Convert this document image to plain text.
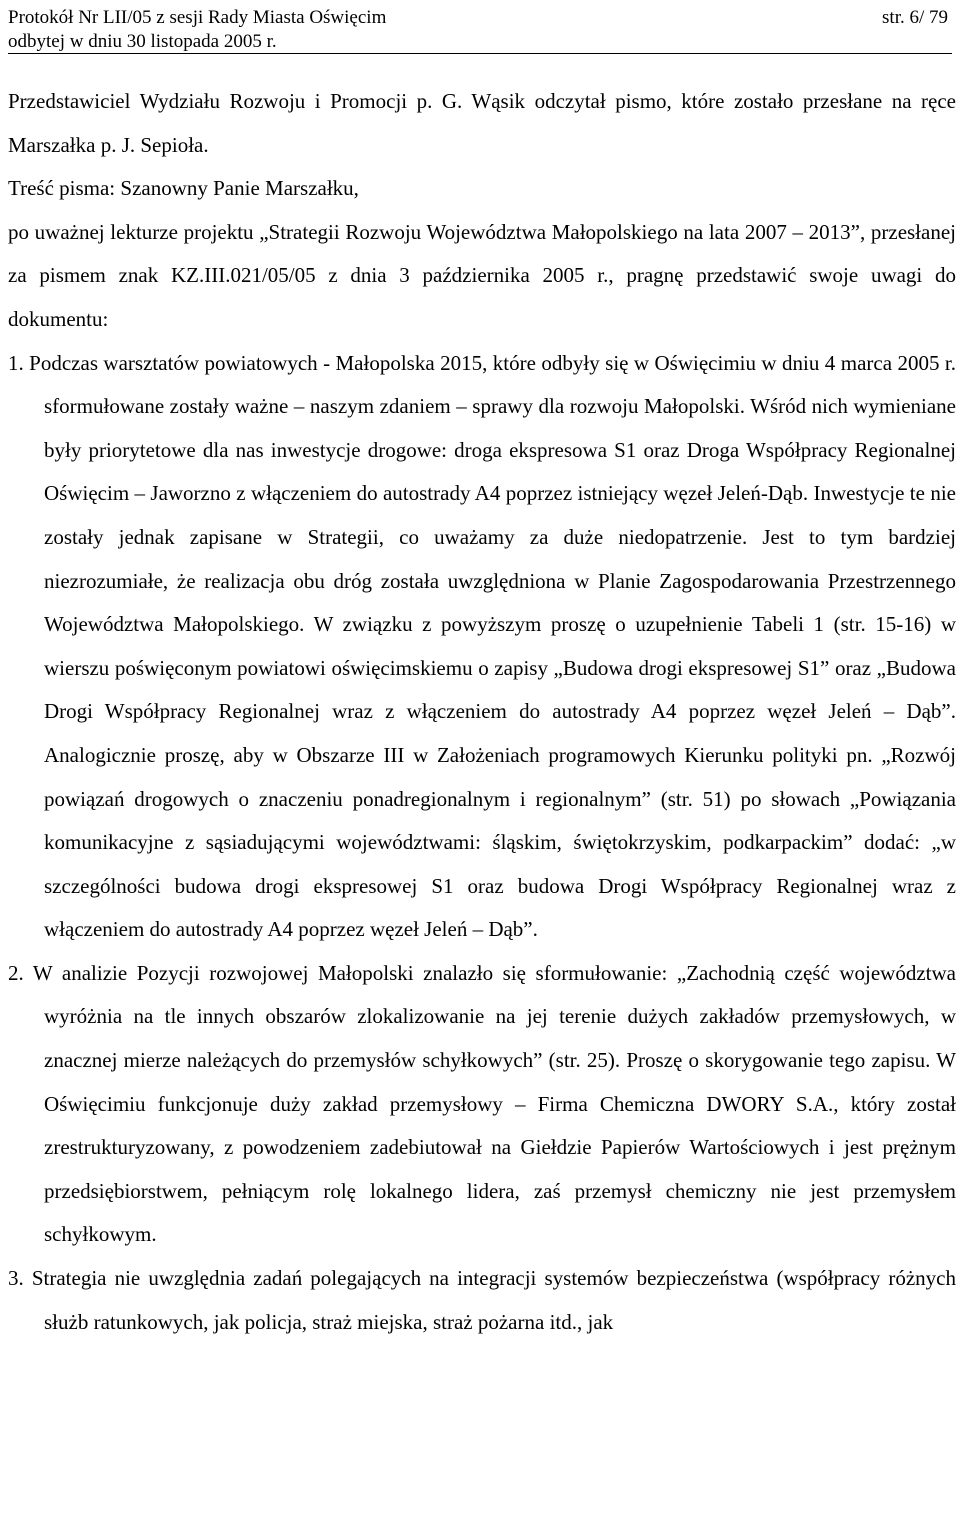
Protokół Nr LII/05 z sesji Rady Miasta Oświęcim
odbytej w dniu 30 listopada 2005 r.
str. 6/ 79

Przedstawiciel Wydziału Rozwoju i Promocji p. G. Wąsik odczytał pismo, które zostało przesłane na ręce Marszałka p. J. Sepioła.

Treść pisma: Szanowny Panie Marszałku,

po uważnej lekturze projektu „Strategii Rozwoju Województwa Małopolskiego na lata 2007 – 2013”, przesłanej za pismem znak KZ.III.021/05/05 z dnia 3 października 2005 r., pragnę przedstawić swoje uwagi do dokumentu:

1. Podczas warsztatów powiatowych - Małopolska 2015, które odbyły się w Oświęcimiu w dniu 4 marca 2005 r. sformułowane zostały ważne – naszym zdaniem – sprawy dla rozwoju Małopolski. Wśród nich wymieniane były priorytetowe dla nas inwestycje drogowe: droga ekspresowa S1 oraz Droga Współpracy Regionalnej Oświęcim – Jaworzno z włączeniem do autostrady A4 poprzez istniejący węzeł Jeleń-Dąb. Inwestycje te nie zostały jednak zapisane w Strategii, co uważamy za duże niedopatrzenie. Jest to tym bardziej niezrozumiałe, że realizacja obu dróg została uwzględniona w Planie Zagospodarowania Przestrzennego Województwa Małopolskiego. W związku z powyższym proszę o uzupełnienie Tabeli 1 (str. 15-16) w wierszu poświęconym powiatowi oświęcimskiemu o zapisy „Budowa drogi ekspresowej S1” oraz „Budowa Drogi Współpracy Regionalnej wraz z włączeniem do autostrady A4 poprzez węzeł Jeleń – Dąb”. Analogicznie proszę, aby w Obszarze III w Założeniach programowych Kierunku polityki pn. „Rozwój powiązań drogowych o znaczeniu ponadregionalnym i regionalnym” (str. 51) po słowach „Powiązania komunikacyjne z sąsiadującymi województwami: śląskim, świętokrzyskim, podkarpackim” dodać: „w szczególności budowa drogi ekspresowej S1 oraz budowa Drogi Współpracy Regionalnej wraz z włączeniem do autostrady A4 poprzez węzeł Jeleń – Dąb”.

2. W analizie Pozycji rozwojowej Małopolski znalazło się sformułowanie: „Zachodnią część województwa wyróżnia na tle innych obszarów zlokalizowanie na jej terenie dużych zakładów przemysłowych, w znacznej mierze należących do przemysłów schyłkowych” (str. 25). Proszę o skorygowanie tego zapisu. W Oświęcimiu funkcjonuje duży zakład przemysłowy – Firma Chemiczna DWORY S.A., który został zrestrukturyzowany, z powodzeniem zadebiutował na Giełdzie Papierów Wartościowych i jest prężnym przedsiębiorstwem, pełniącym rolę lokalnego lidera, zaś przemysł chemiczny nie jest przemysłem schyłkowym.

3. Strategia nie uwzględnia zadań polegających na integracji systemów bezpieczeństwa (współpracy różnych służb ratunkowych, jak policja, straż miejska, straż pożarna itd., jak
